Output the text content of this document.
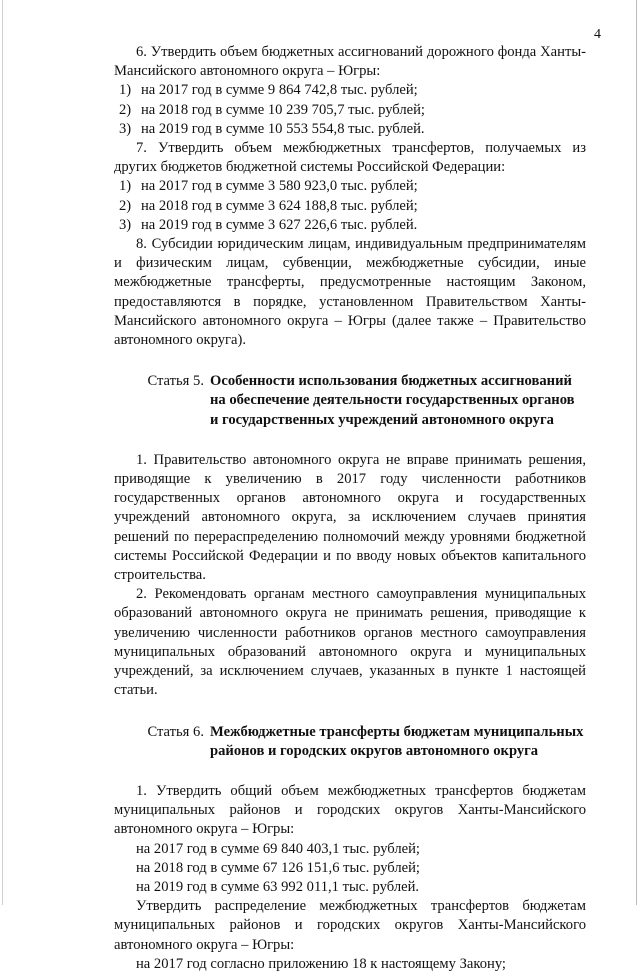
4

6. Утвердить объем бюджетных ассигнований дорожного фонда Ханты-Мансийского автономного округа – Югры:

1) на 2017 год в сумме 9 864 742,8 тыс. рублей;

2) на 2018 год в сумме 10 239 705,7 тыс. рублей;

3) на 2019 год в сумме 10 553 554,8 тыс. рублей.

7. Утвердить объем межбюджетных трансфертов, получаемых из других бюджетов бюджетной системы Российской Федерации:

1) на 2017 год в сумме 3 580 923,0 тыс. рублей;

2) на 2018 год в сумме 3 624 188,8 тыс. рублей;

3) на 2019 год в сумме 3 627 226,6 тыс. рублей.

8. Субсидии юридическим лицам, индивидуальным предпринимателям и физическим лицам, субвенции, межбюджетные субсидии, иные межбюджетные трансферты, предусмотренные настоящим Законом, предоставляются в порядке, установленном Правительством Ханты-Мансийского автономного округа – Югры (далее также – Правительство автономного округа).

Статья 5. Особенности использования бюджетных ассигнований
на обеспечение деятельности государственных органов
и государственных учреждений автономного округа

1. Правительство автономного округа не вправе принимать решения, приводящие к увеличению в 2017 году численности работников государственных органов автономного округа и государственных учреждений автономного округа, за исключением случаев принятия решений по перераспределению полномочий между уровнями бюджетной системы Российской Федерации и по вводу новых объектов капитального строительства.

2. Рекомендовать органам местного самоуправления муниципальных образований автономного округа не принимать решения, приводящие к увеличению численности работников органов местного самоуправления муниципальных образований автономного округа и муниципальных учреждений, за исключением случаев, указанных в пункте 1 настоящей статьи.

Статья 6. Межбюджетные трансферты бюджетам муниципальных
районов и городских округов автономного округа

1. Утвердить общий объем межбюджетных трансфертов бюджетам муниципальных районов и городских округов Ханты-Мансийского автономного округа – Югры:

на 2017 год в сумме 69 840 403,1 тыс. рублей;

на 2018 год в сумме 67 126 151,6 тыс. рублей;

на 2019 год в сумме 63 992 011,1 тыс. рублей.

Утвердить распределение межбюджетных трансфертов бюджетам муниципальных районов и городских округов Ханты-Мансийского автономного округа – Югры:

на 2017 год согласно приложению 18 к настоящему Закону;
